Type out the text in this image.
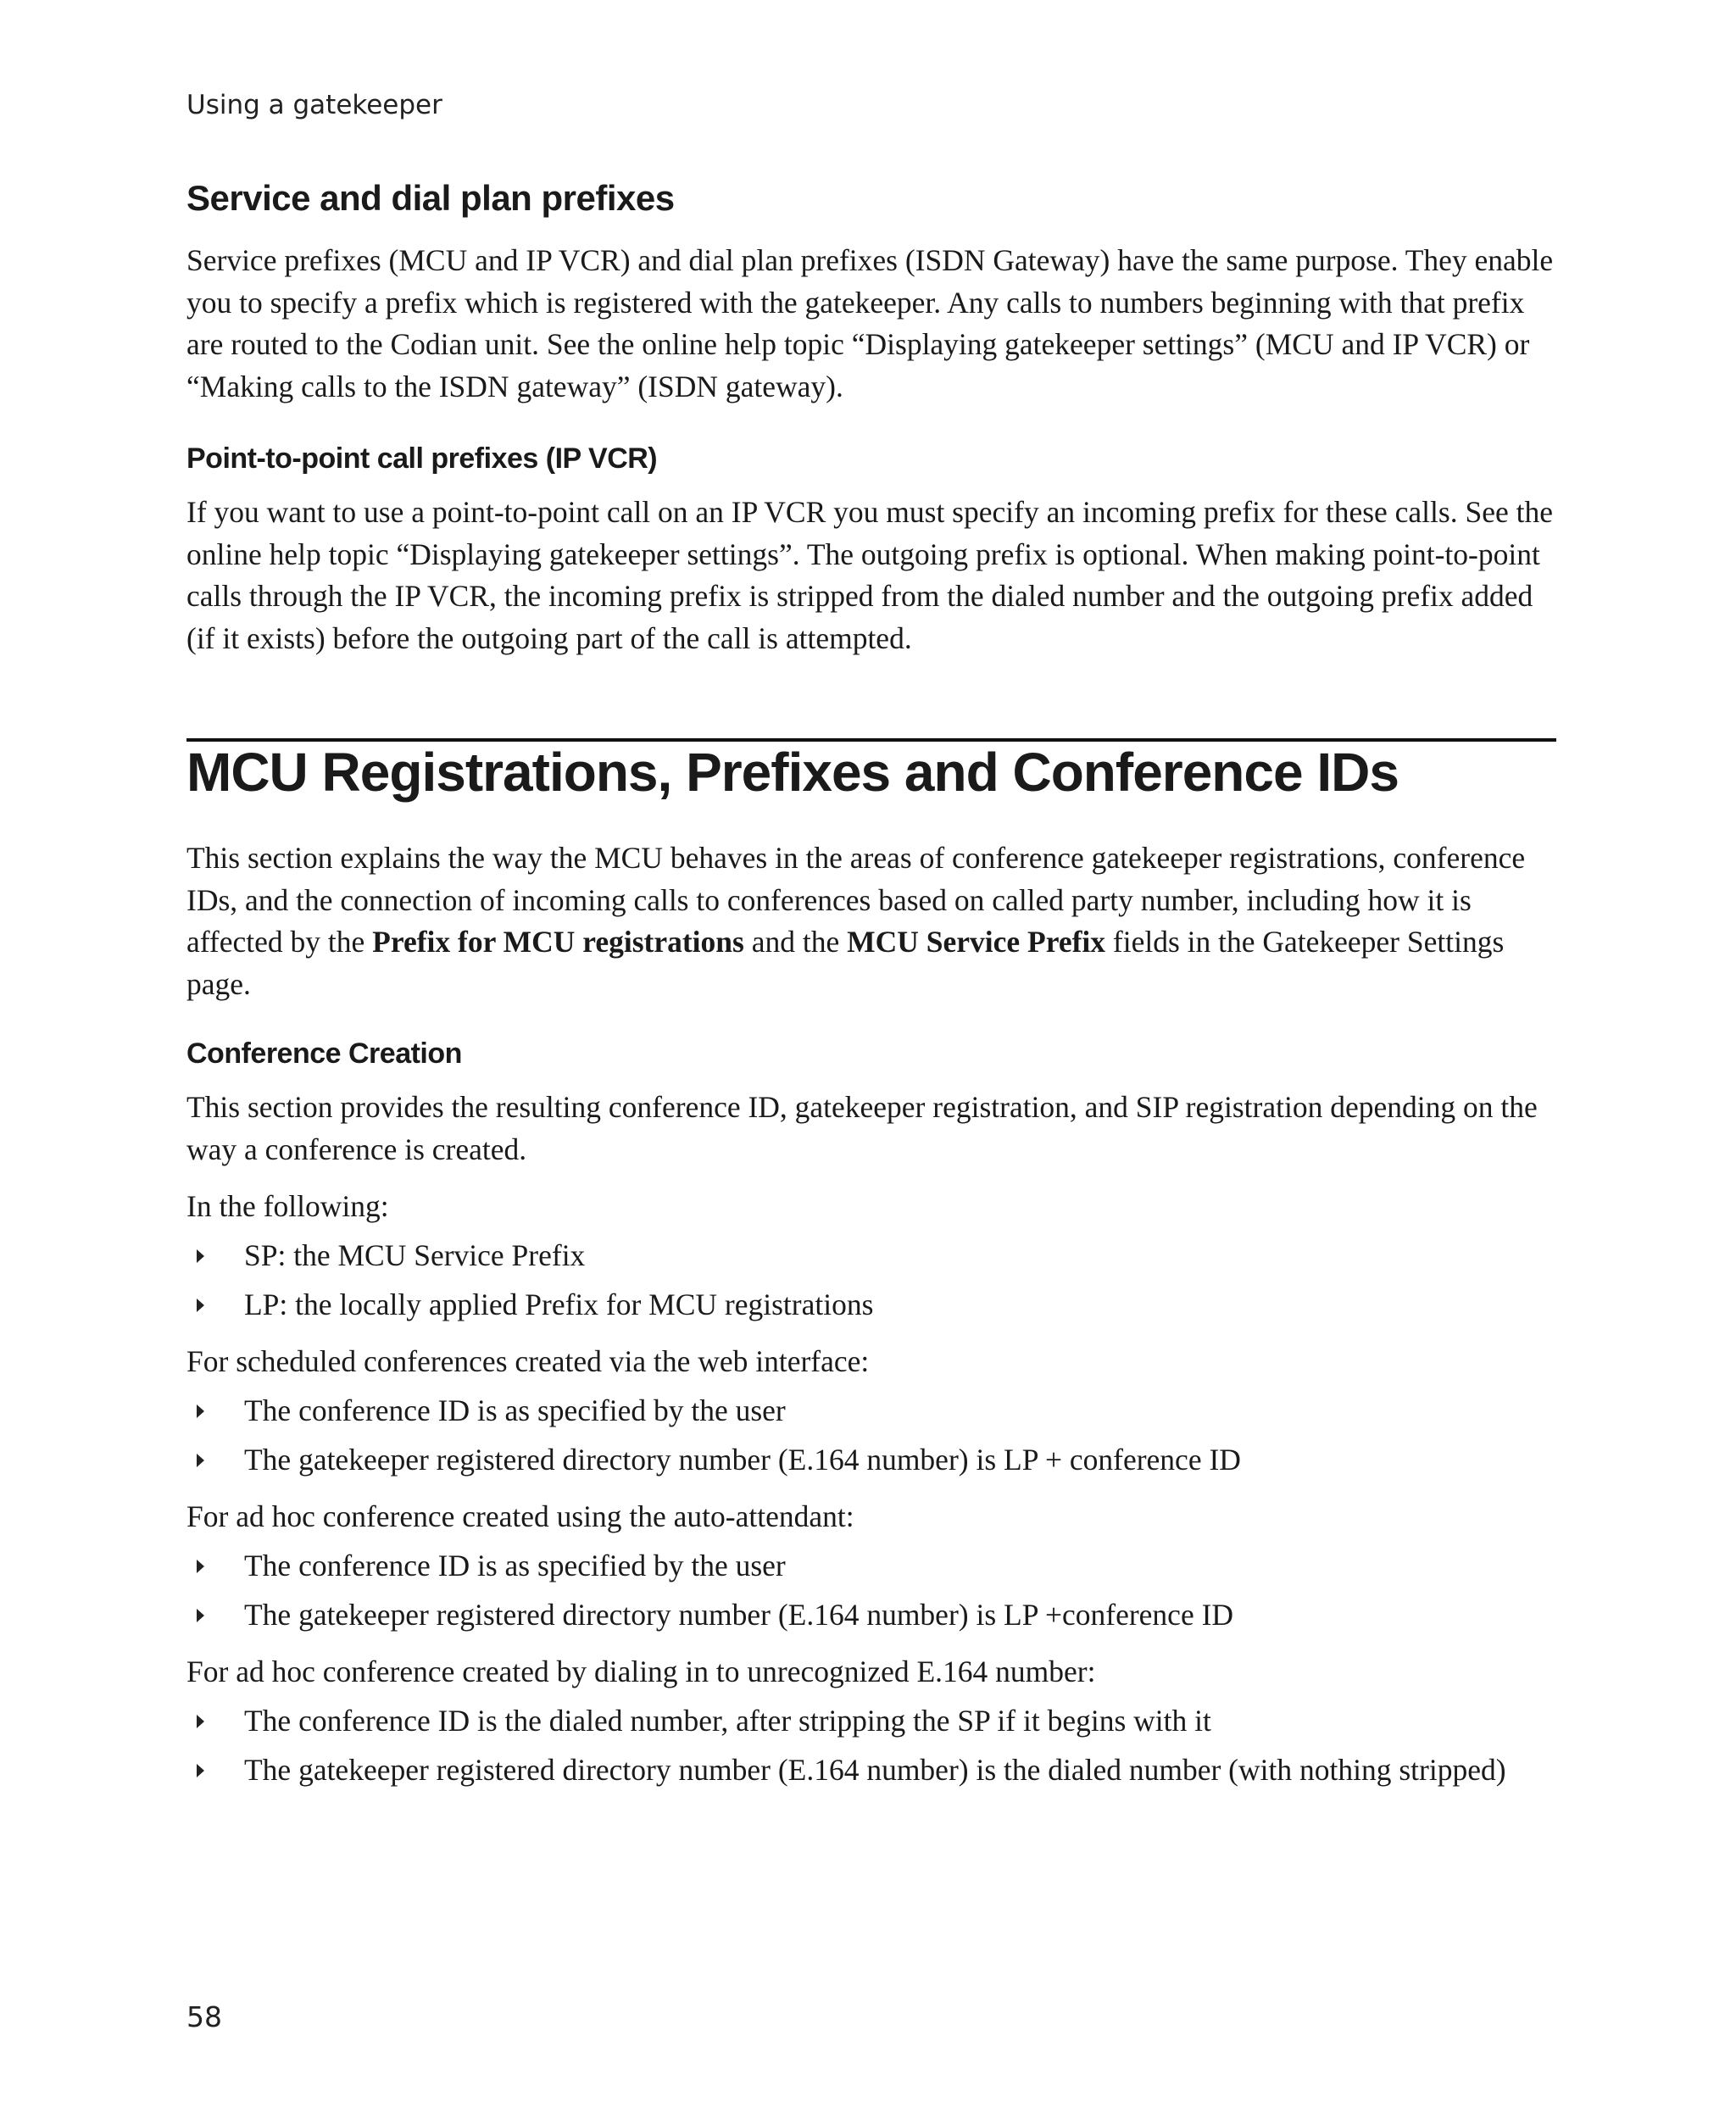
Using a gatekeeper
Service and dial plan prefixes
Service prefixes (MCU and IP VCR) and dial plan prefixes (ISDN Gateway) have the same purpose. They enable you to specify a prefix which is registered with the gatekeeper. Any calls to numbers beginning with that prefix are routed to the Codian unit. See the online help topic “Displaying gatekeeper settings” (MCU and IP VCR) or “Making calls to the ISDN gateway” (ISDN gateway).
Point-to-point call prefixes (IP VCR)
If you want to use a point-to-point call on an IP VCR you must specify an incoming prefix for these calls. See the online help topic “Displaying gatekeeper settings”. The outgoing prefix is optional. When making point-to-point calls through the IP VCR, the incoming prefix is stripped from the dialed number and the outgoing prefix added (if it exists) before the outgoing part of the call is attempted.
MCU Registrations, Prefixes and Conference IDs
This section explains the way the MCU behaves in the areas of conference gatekeeper registrations, conference IDs, and the connection of incoming calls to conferences based on called party number, including how it is affected by the Prefix for MCU registrations and the MCU Service Prefix fields in the Gatekeeper Settings page.
Conference Creation
This section provides the resulting conference ID, gatekeeper registration, and SIP registration depending on the way a conference is created.
In the following:
SP: the MCU Service Prefix
LP: the locally applied Prefix for MCU registrations
For scheduled conferences created via the web interface:
The conference ID is as specified by the user
The gatekeeper registered directory number (E.164 number) is LP + conference ID
For ad hoc conference created using the auto-attendant:
The conference ID is as specified by the user
The gatekeeper registered directory number (E.164 number) is LP +conference ID
For ad hoc conference created by dialing in to unrecognized E.164 number:
The conference ID is the dialed number, after stripping the SP if it begins with it
The gatekeeper registered directory number (E.164 number) is the dialed number (with nothing stripped)
58
